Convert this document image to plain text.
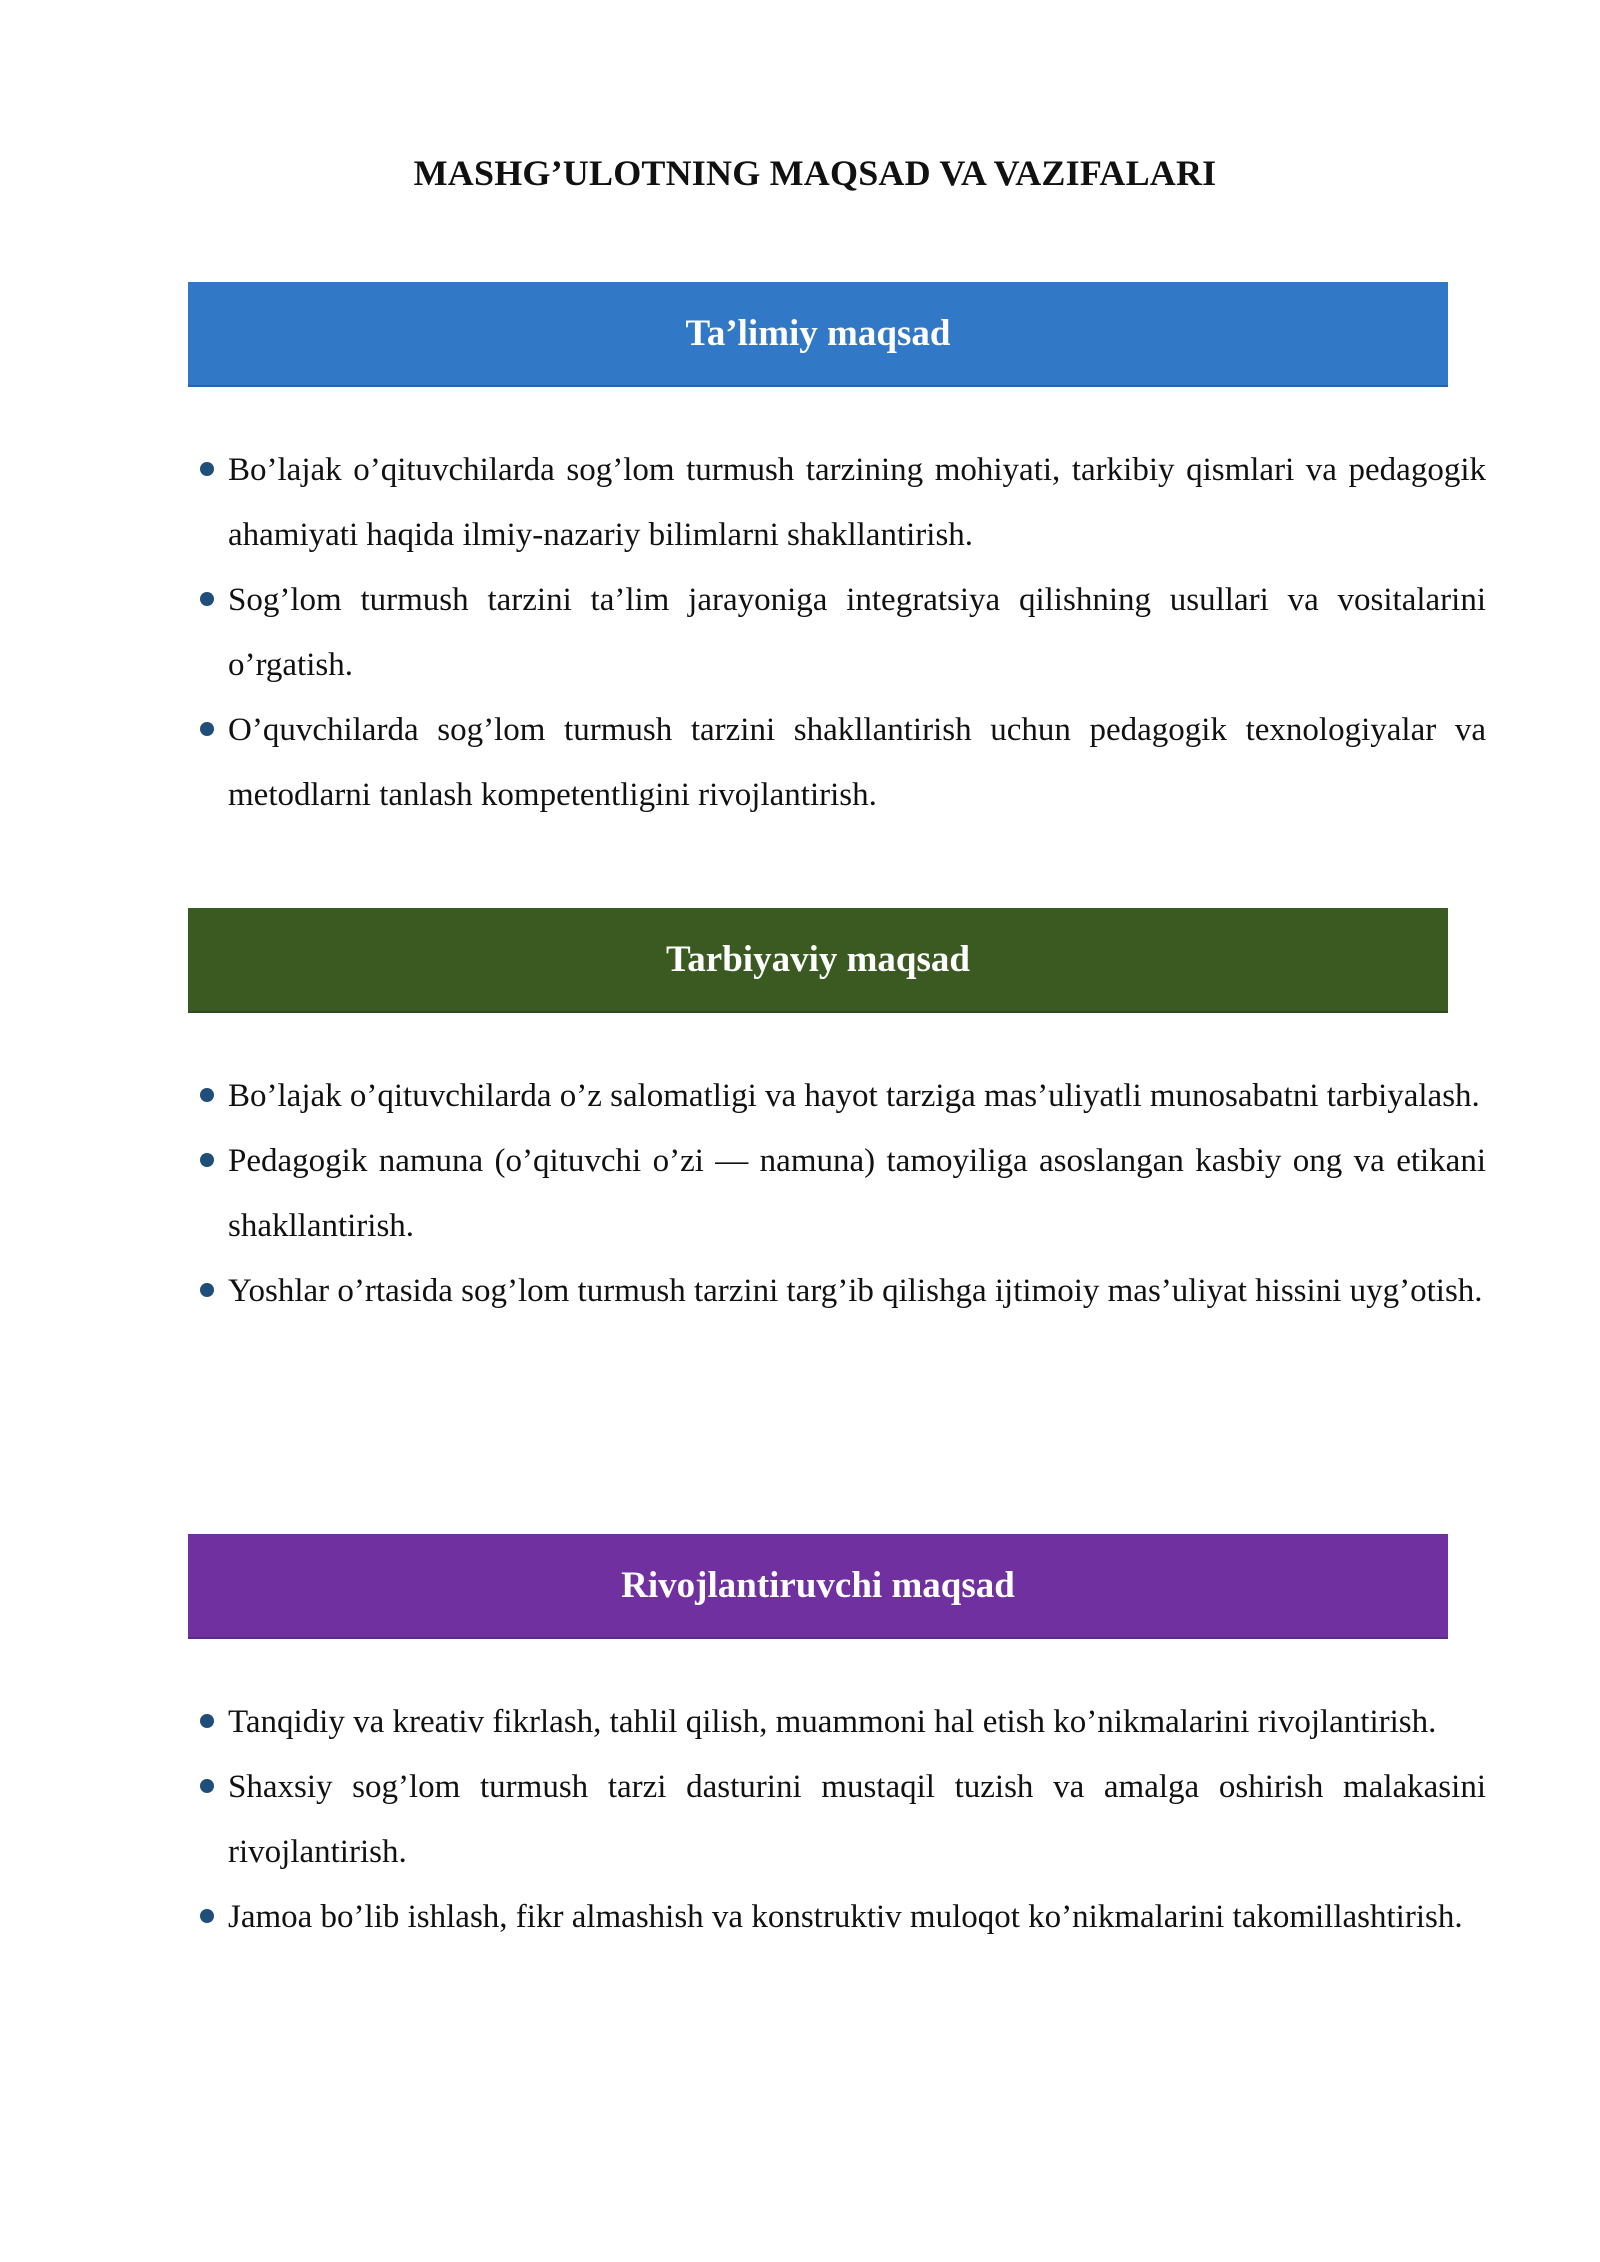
MASHG’ULOTNING MAQSAD VA VAZIFALARI
Ta’limiy maqsad
Bo’lajak o’qituvchilarda sog’lom turmush tarzining mohiyati, tarkibiy qismlari va pedagogik ahamiyati haqida ilmiy-nazariy bilimlarni shakllantirish.
Sog’lom turmush tarzini ta’lim jarayoniga integratsiya qilishning usullari va vositalarini o’rgatish.
O’quvchilarda sog’lom turmush tarzini shakllantirish uchun pedagogik texnologiyalar va metodlarni tanlash kompetentligini rivojlantirish.
Tarbiyaviy maqsad
Bo’lajak o’qituvchilarda o’z salomatligi va hayot tarziga mas’uliyatli munosabatni tarbiyalash.
Pedagogik namuna (o’qituvchi o’zi — namuna) tamoyiliga asoslangan kasbiy ong va etikani shakllantirish.
Yoshlar o’rtasida sog’lom turmush tarzini targ’ib qilishga ijtimoiy mas’uliyat hissini uyg’otish.
Rivojlantiruvchi maqsad
Tanqidiy va kreativ fikrlash, tahlil qilish, muammoni hal etish ko’nikmalarini rivojlantirish.
Shaxsiy sog’lom turmush tarzi dasturini mustaqil tuzish va amalga oshirish malakasini rivojlantirish.
Jamoa bo’lib ishlash, fikr almashish va konstruktiv muloqot ko’nikmalarini takomillashtirish.
